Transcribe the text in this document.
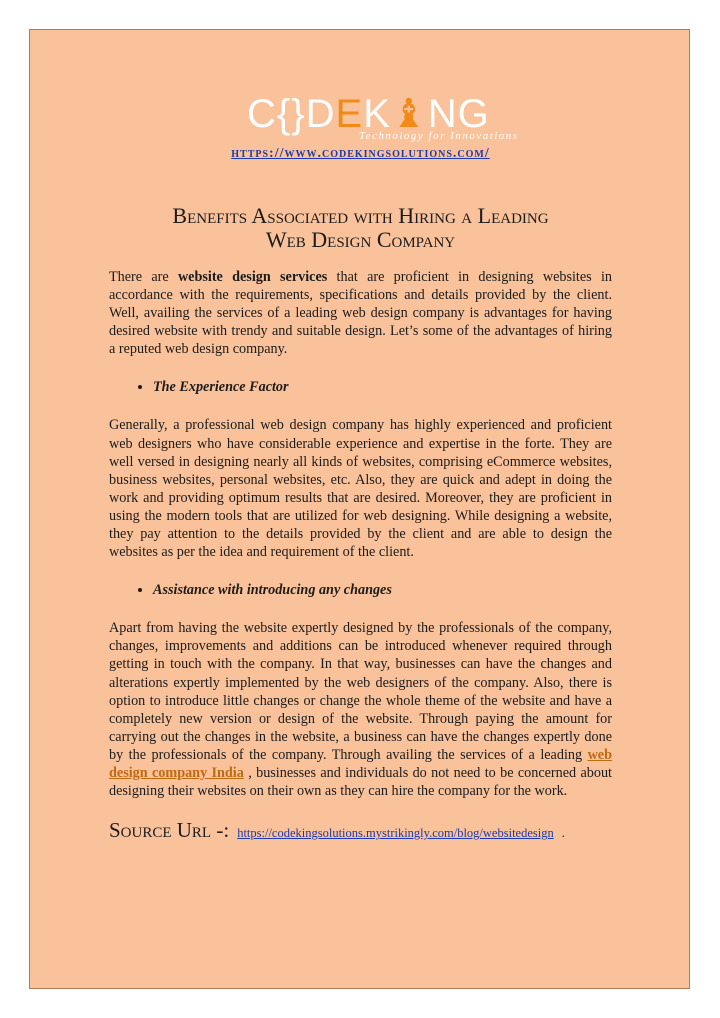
C{}DEK♝NG
Technology for Innovations
https://www.codekingsolutions.com/
Benefits Associated with Hiring a Leading
Web Design Company

There are website design services that are proficient in designing websites in accordance with the requirements, specifications and details provided by the client. Well, availing the services of a leading web design company is advantages for having desired website with trendy and suitable design. Let’s some of the advantages of hiring a reputed web design company.

• The Experience Factor

Generally, a professional web design company has highly experienced and proficient web designers who have considerable experience and expertise in the forte. They are well versed in designing nearly all kinds of websites, comprising eCommerce websites, business websites, personal websites, etc. Also, they are quick and adept in doing the work and providing optimum results that are desired. Moreover, they are proficient in using the modern tools that are utilized for web designing. While designing a website, they pay attention to the details provided by the client and are able to design the websites as per the idea and requirement of the client.

• Assistance with introducing any changes

Apart from having the website expertly designed by the professionals of the company, changes, improvements and additions can be introduced whenever required through getting in touch with the company. In that way, businesses can have the changes and alterations expertly implemented by the web designers of the company. Also, there is option to introduce little changes or change the whole theme of the website and have a completely new version or design of the website. Through paying the amount for carrying out the changes in the website, a business can have the changes expertly done by the professionals of the company. Through availing the services of a leading web design company India , businesses and individuals do not need to be concerned about designing their websites on their own as they can hire the company for the work.

Source Url -: https://codekingsolutions.mystrikingly.com/blog/websitedesign .
